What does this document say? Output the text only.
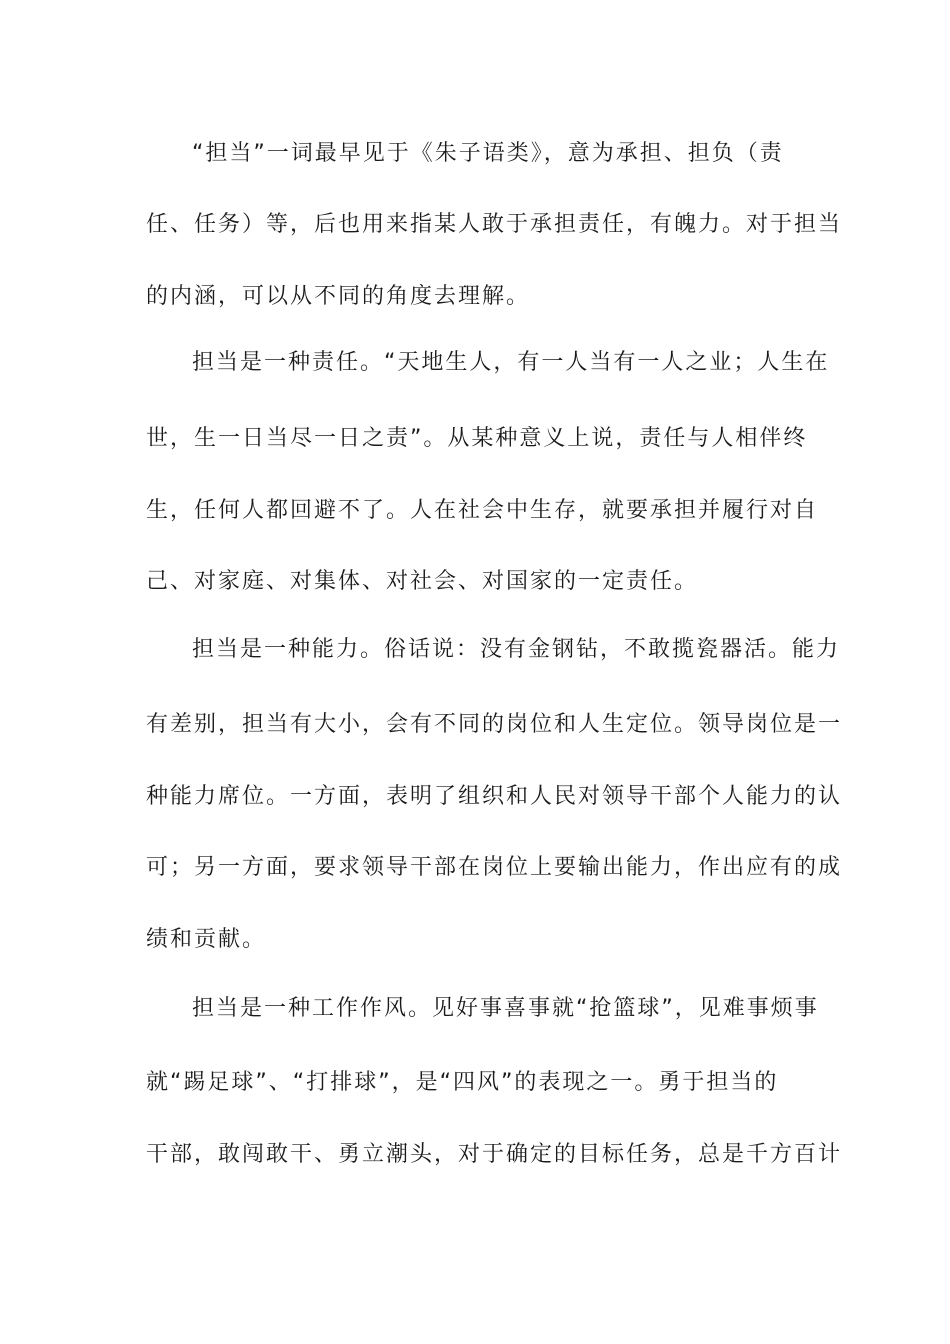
“担当”一词最早见于《朱子语类》，意为承担、担负（责
任、任务）等，后也用来指某人敢于承担责任，有魄力。对于担当
的内涵，可以从不同的角度去理解。
担当是一种责任。“天地生人，有一人当有一人之业；人生在
世，生一日当尽一日之责”。从某种意义上说，责任与人相伴终
生，任何人都回避不了。人在社会中生存，就要承担并履行对自
己、对家庭、对集体、对社会、对国家的一定责任。
担当是一种能力。俗话说：没有金钢钻，不敢揽瓷器活。能力
有差别，担当有大小，会有不同的岗位和人生定位。领导岗位是一
种能力席位。一方面，表明了组织和人民对领导干部个人能力的认
可；另一方面，要求领导干部在岗位上要输出能力，作出应有的成
绩和贡献。
担当是一种工作作风。见好事喜事就“抢篮球”，见难事烦事
就“踢足球”、“打排球”，是“四风”的表现之一。勇于担当的
干部，敢闯敢干、勇立潮头，对于确定的目标任务，总是千方百计
